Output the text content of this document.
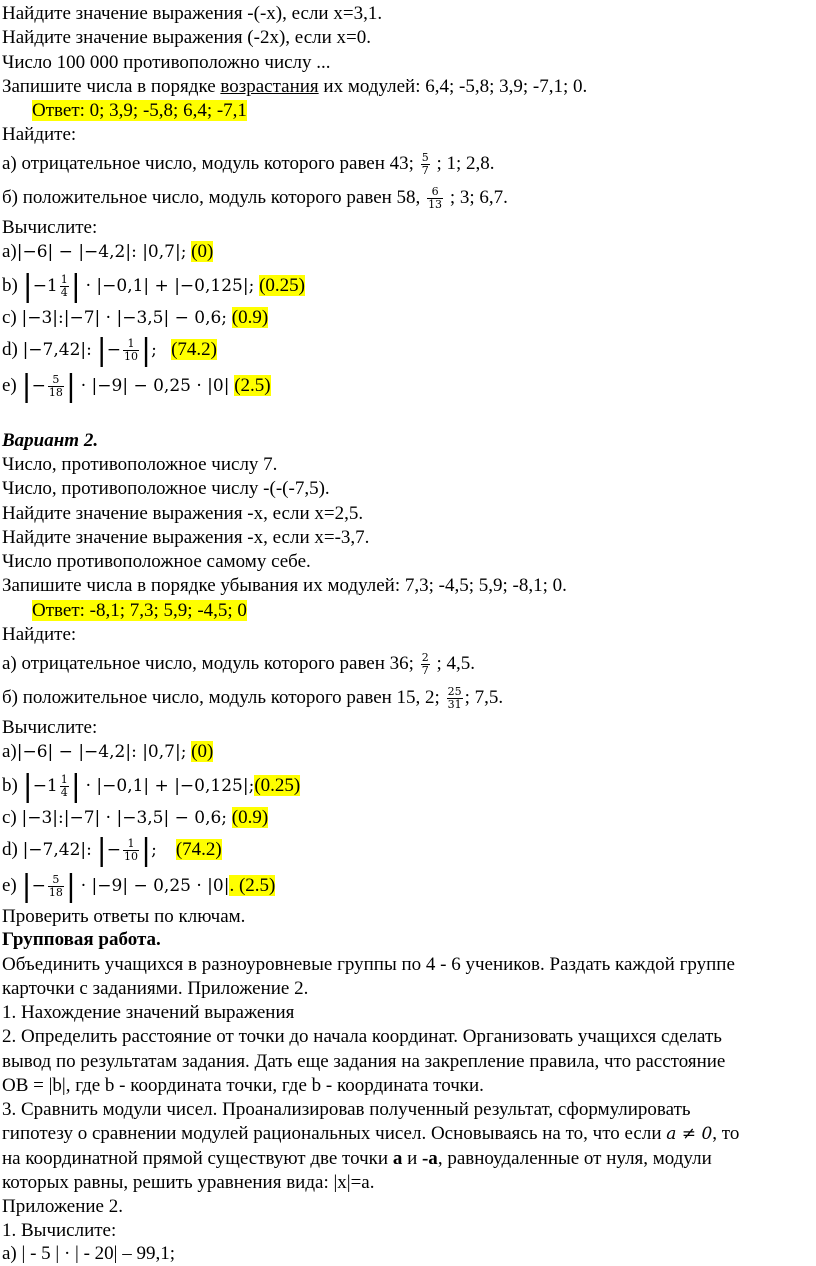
Найдите значение выражения -(-х), если х=3,1.
Найдите значение выражения (-2х), если х=0.
Число 100 000 противоположно числу ...
Запишите числа в порядке возрастания их модулей: 6,4; -5,8; 3,9; -7,1; 0.
Ответ: 0; 3,9; -5,8; 6,4; -7,1
Найдите:
а) отрицательное число, модуль которого равен 43; $\frac{5}{7}$ ; 1; 2,8.
б) положительное число, модуль которого равен 58, $\frac{6}{13}$ ; 3; 6,7.
Вычислите:
а)|−6| − |−4,2|: |0,7|; (0)
b) $|-1 \frac{1}{4}$ | · |−0,1| + |−0,125|; (0.25)
c) |−3|:|−7| · |−3,5| − 0,6; (0.9)
d) |−7,42|: |− $\frac{1}{10}$ |; (74.2)
e) |− $\frac{5}{18}$ | · |−9| − 0,25 · |0| (2.5)
Вариант 2.
Число, противоположное числу 7.
Число, противоположное числу -(-(-7,5).
Найдите значение выражения -х, если х=2,5.
Найдите значение выражения -х, если х=-3,7.
Число противоположное самому себе.
Запишите числа в порядке убывания их модулей: 7,3; -4,5; 5,9; -8,1; 0.
Ответ: -8,1; 7,3; 5,9; -4,5; 0
Найдите:
а) отрицательное число, модуль которого равен 36; $\frac{2}{7}$ ; 4,5.
б) положительное число, модуль которого равен 15, 2; $\frac{25}{31}$ ; 7,5.
Вычислите:
а)|−6| − |−4,2|: |0,7|; (0)
b) $|-1 \frac{1}{4}$ | · |−0,1| + |−0,125|;(0.25)
c) |−3|:|−7| · |−3,5| − 0,6; (0.9)
d) |−7,42|: |− $\frac{1}{10}$ |; (74.2)
e) |− $\frac{5}{18}$ | · |−9| − 0,25 · |0|. (2.5)
Проверить ответы по ключам.
Групповая работа.
Объединить учащихся в разноуровневые группы по 4 - 6 учеников. Раздать каждой группе
карточки с заданиями. Приложение 2.
1. Нахождение значений выражения
2. Определить расстояние от точки до начала координат. Организовать учащихся сделать
вывод по результатам задания. Дать еще задания на закрепление правила, что расстояние
ОВ = |b|, где b - координата точки, где b - координата точки.
3. Сравнить модули чисел. Проанализировав полученный результат, сформулировать
гипотезу о сравнении модулей рациональных чисел. Основываясь на то, что если a ≠ 0, то
на координатной прямой существуют две точки а и -а, равноудаленные от нуля, модули
которых равны, решить уравнения вида: |х|=а.
Приложение 2.
1. Вычислите:
а) | - 5 | · | - 20| – 99,1;
